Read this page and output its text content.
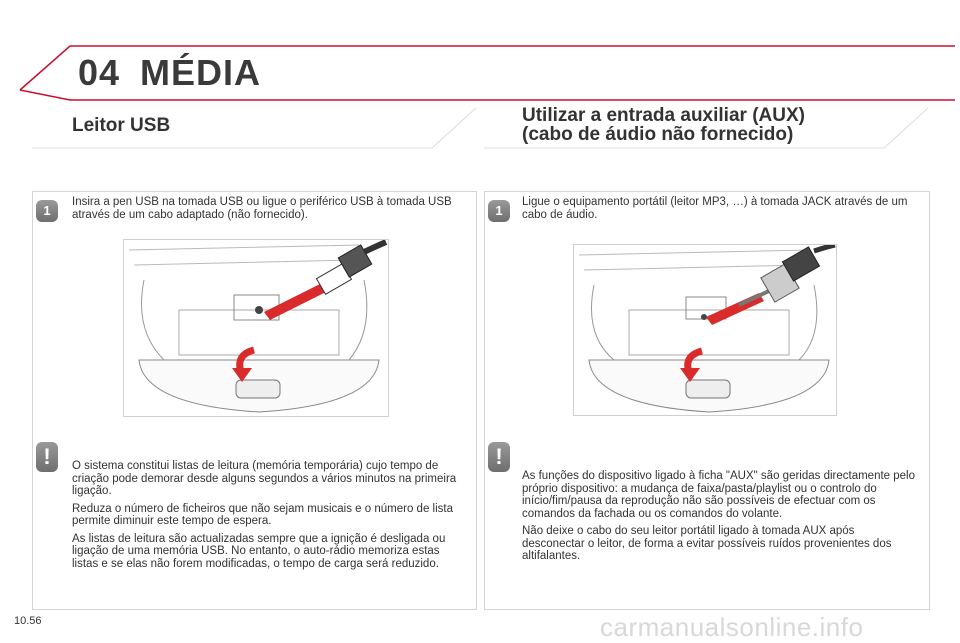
04 MÉDIA
Leitor USB	Utilizar a entrada auxiliar (AUX)
(cabo de áudio não fornecido)
1
Insira a pen USB na tomada USB ou ligue o periférico USB à tomada USB através de um cabo adaptado (não fornecido).
!	O sistema constitui listas de leitura (memória temporária) cujo tempo de criação pode demorar desde alguns segundos a vários minutos na primeira ligação.

Reduza o número de ficheiros que não sejam musicais e o número de lista permite diminuir este tempo de espera.

As listas de leitura são actualizadas sempre que a ignição é desligada ou ligação de uma memória USB. No entanto, o auto-rádio memoriza estas listas e se elas não forem modificadas, o tempo de carga será reduzido.

1
Ligue o equipamento portátil (leitor MP3, …) à tomada JACK através de um cabo de áudio.
!

As funções do dispositivo ligado à ficha "AUX" são geridas directamente pelo próprio dispositivo: a mudança de faixa/pasta/playlist ou o controlo do início/fim/pausa da reprodução não são possíveis de efectuar com os comandos da fachada ou os comandos do volante.

Não deixe o cabo do seu leitor portátil ligado à tomada AUX após desconectar o leitor, de forma a evitar possíveis ruídos provenientes dos altifalantes.

10.56	carmanualsonline.info
